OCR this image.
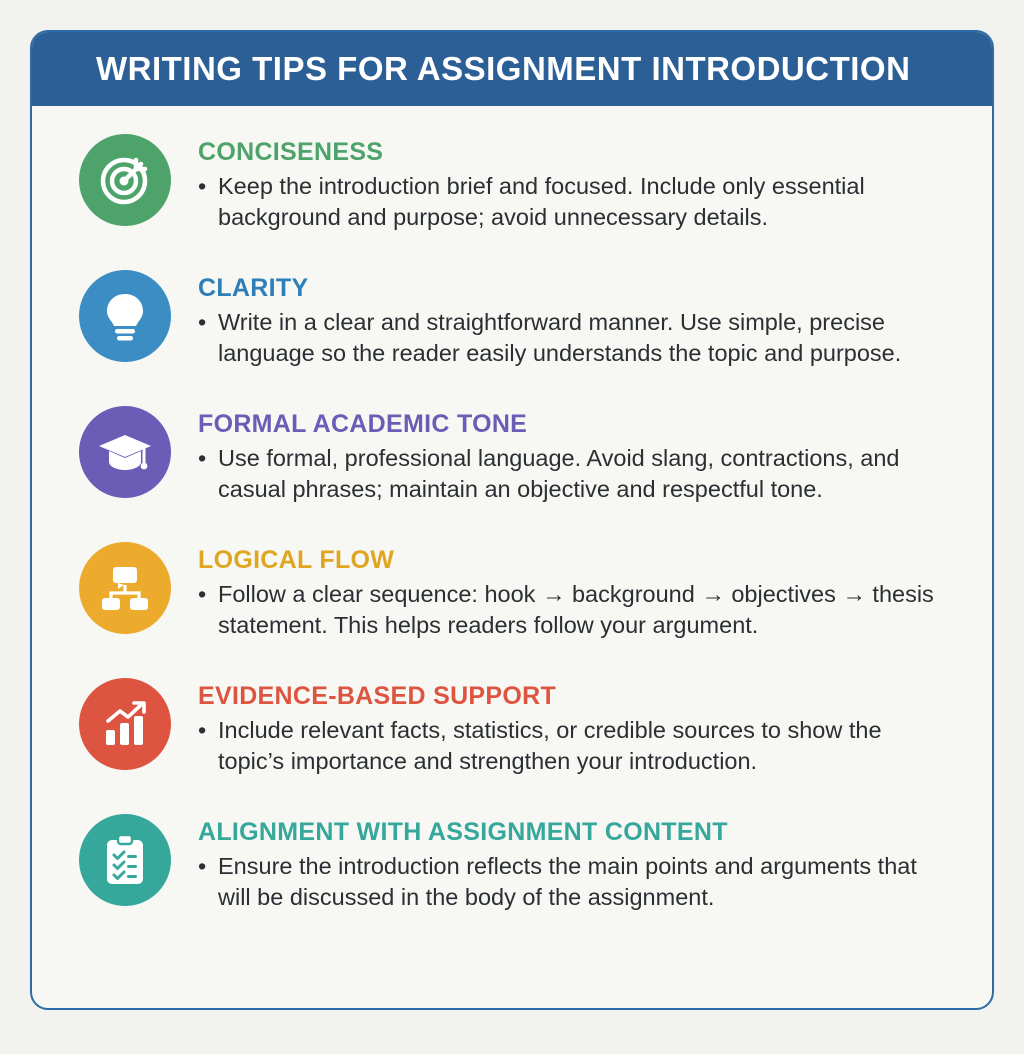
WRITING TIPS FOR ASSIGNMENT INTRODUCTION
CONCISENESS
• Keep the introduction brief and focused. Include only essential background and purpose; avoid unnecessary details.
CLARITY
• Write in a clear and straightforward manner. Use simple, precise language so the reader easily understands the topic and purpose.
FORMAL ACADEMIC TONE
• Use formal, professional language. Avoid slang, contractions, and casual phrases; maintain an objective and respectful tone.
LOGICAL FLOW
• Follow a clear sequence: hook → background → objectives → thesis statement. This helps readers follow your argument.
EVIDENCE-BASED SUPPORT
• Include relevant facts, statistics, or credible sources to show the topic’s importance and strengthen your introduction.
ALIGNMENT WITH ASSIGNMENT CONTENT
• Ensure the introduction reflects the main points and arguments that will be discussed in the body of the assignment.
